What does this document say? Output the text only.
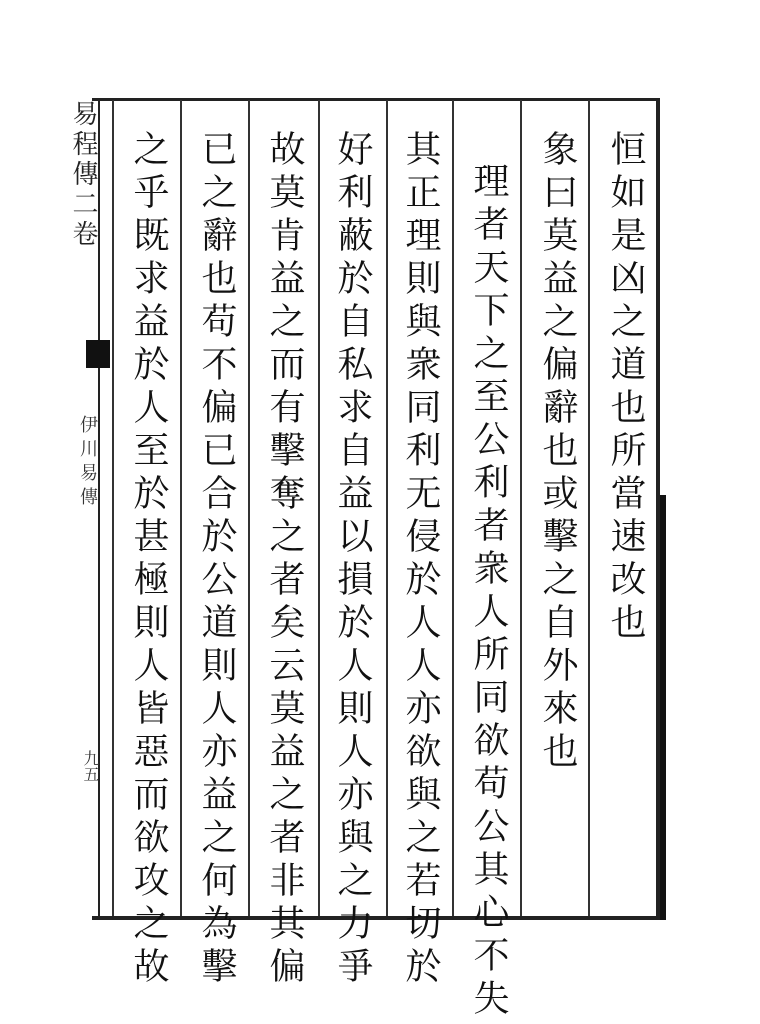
恒如是凶之道也所當速改也
象曰莫益之偏辭也或擊之自外來也
理者天下之至公利者衆人所同欲苟公其心不失
其正理則與衆同利无侵於人人亦欲與之若切於
好利蔽於自私求自益以損於人則人亦與之力爭
故莫肯益之而有擊奪之者矣云莫益之者非其偏
已之辭也苟不偏已合於公道則人亦益之何為擊
之乎既求益於人至於甚極則人皆惡而欲攻之故
易程傳二卷
伊川易傳
九五
